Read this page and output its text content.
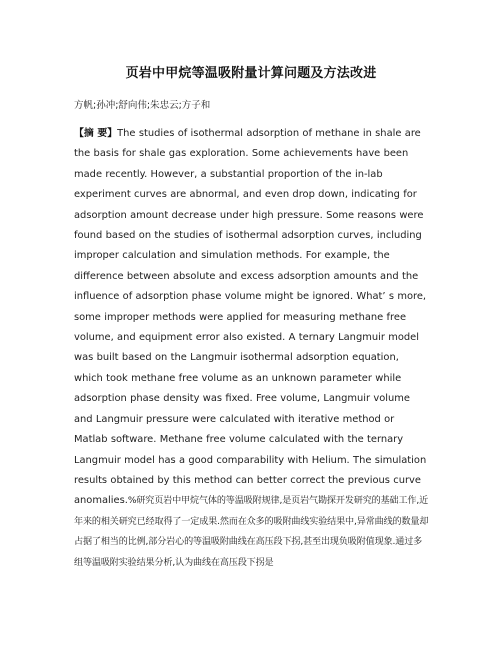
页岩中甲烷等温吸附量计算问题及方法改进
方帆;孙冲;舒向伟;朱忠云;方子和
【摘 要】The studies of isothermal adsorption of methane in shale are the basis for shale gas exploration. Some achievements have been made recently. However, a substantial proportion of the in-lab experiment curves are abnormal, and even drop down, indicating for adsorption amount decrease under high pressure. Some reasons were found based on the studies of isothermal adsorption curves, including improper calculation and simulation methods. For example, the difference between absolute and excess adsorption amounts and the influence of adsorption phase volume might be ignored. What’ s more, some improper methods were applied for measuring methane free volume, and equipment error also existed. A ternary Langmuir model was built based on the Langmuir isothermal adsorption equation, which took methane free volume as an unknown parameter while adsorption phase density was fixed. Free volume, Langmuir volume and Langmuir pressure were calculated with iterative method or Matlab software. Methane free volume calculated with the ternary Langmuir model has a good comparability with Helium. The simulation results obtained by this method can better correct the previous curve anomalies.%研究页岩中甲烷气体的等温吸附规律,是页岩气勘探开发研究的基础工作,近年来的相关研究已经取得了一定成果.然而在众多的吸附曲线实验结果中,异常曲线的数量却占据了相当的比例,部分岩心的等温吸附曲线在高压段下拐,甚至出现负吸附值现象.通过多组等温吸附实验结果分析,认为曲线在高压段下拐是
